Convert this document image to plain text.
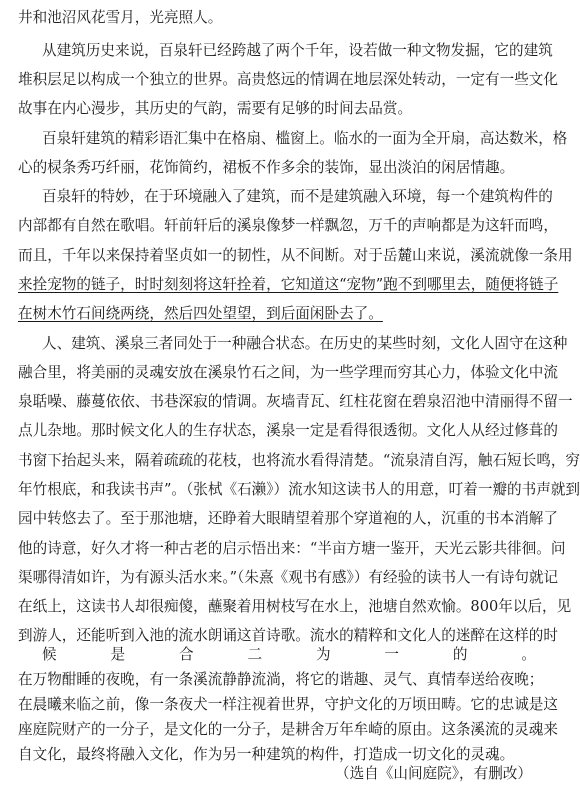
井和池沼风花雪月，光亮照人。

从建筑历史来说，百泉轩已经跨越了两个千年，设若做一种文物发掘，它的建筑

堆积层足以构成一个独立的世界。高贵悠远的情调在地层深处转动，一定有一些文化

故事在内心漫步，其历史的气韵，需要有足够的时间去品赏。

百泉轩建筑的精彩语汇集中在格扇、槛窗上。临水的一面为全开扇，高达数米，格

心的棂条秀巧纤丽，花饰简约，裙板不作多余的装饰，显出淡泊的闲居情趣。

百泉轩的特妙，在于环境融入了建筑，而不是建筑融入环境，每一个建筑构件的

内部都有自然在歌唱。轩前轩后的溪泉像梦一样飘忽，万千的声响都是为这轩而鸣，

而且，千年以来保持着坚贞如一的韧性，从不间断。对于岳麓山来说，溪流就像一条用

来拴宠物的链子，时时刻刻将这轩拴着，它知道这“宠物”跑不到哪里去，随便将链子

在树木竹石间绕两绕，然后四处望望，到后面闲卧去了。

人、建筑、溪泉三者同处于一种融合状态。在历史的某些时刻，文化人固守在这种

融合里，将美丽的灵魂安放在溪泉竹石之间，为一些学理而穷其心力，体验文化中流

泉聒噪、藤蔓依依、书巷深寂的情调。灰墙青瓦、红柱花窗在碧泉沼池中清丽得不留一

点儿杂地。那时候文化人的生存状态，溪泉一定是看得很透彻。文化人从经过修葺的

书窗下抬起头来，隔着疏疏的花枝，也将流水看得清楚。“流泉清自泻，触石短长鸣，穷

年竹根底，和我读书声”。（张栻《石濑》）流水知这读书人的用意，叮着一瓣的书声就到

园中转悠去了。至于那池塘，还睁着大眼睛望着那个穿道袍的人，沉重的书本消解了

他的诗意，好久才将一种古老的启示悟出来：“半亩方塘一鉴开，天光云影共徘徊。问

渠哪得清如许，为有源头活水来。”（朱熹《观书有感》）有经验的读书人一有诗句就记

在纸上，这读书人却很痴傻，蘸聚着用树枝写在水上，池塘自然欢愉。800年以后，见

到游人，还能听到入池的流水朗诵这首诗歌。流水的精粹和文化人的迷醉在这样的时

候是合二为一的。

在万物酣睡的夜晚，有一条溪流静静流淌，将它的谐趣、灵气、真情奉送给夜晚；

在晨曦来临之前，像一条夜犬一样注视着世界，守护文化的万顷田畴。它的忠诚是这

座庭院财产的一分子，是文化的一分子，是耕舍万年牟崎的原由。这条溪流的灵魂来

自文化，最终将融入文化，作为另一种建筑的构件，打造成一切文化的灵魂。

（选自《山间庭院》，有删改）
